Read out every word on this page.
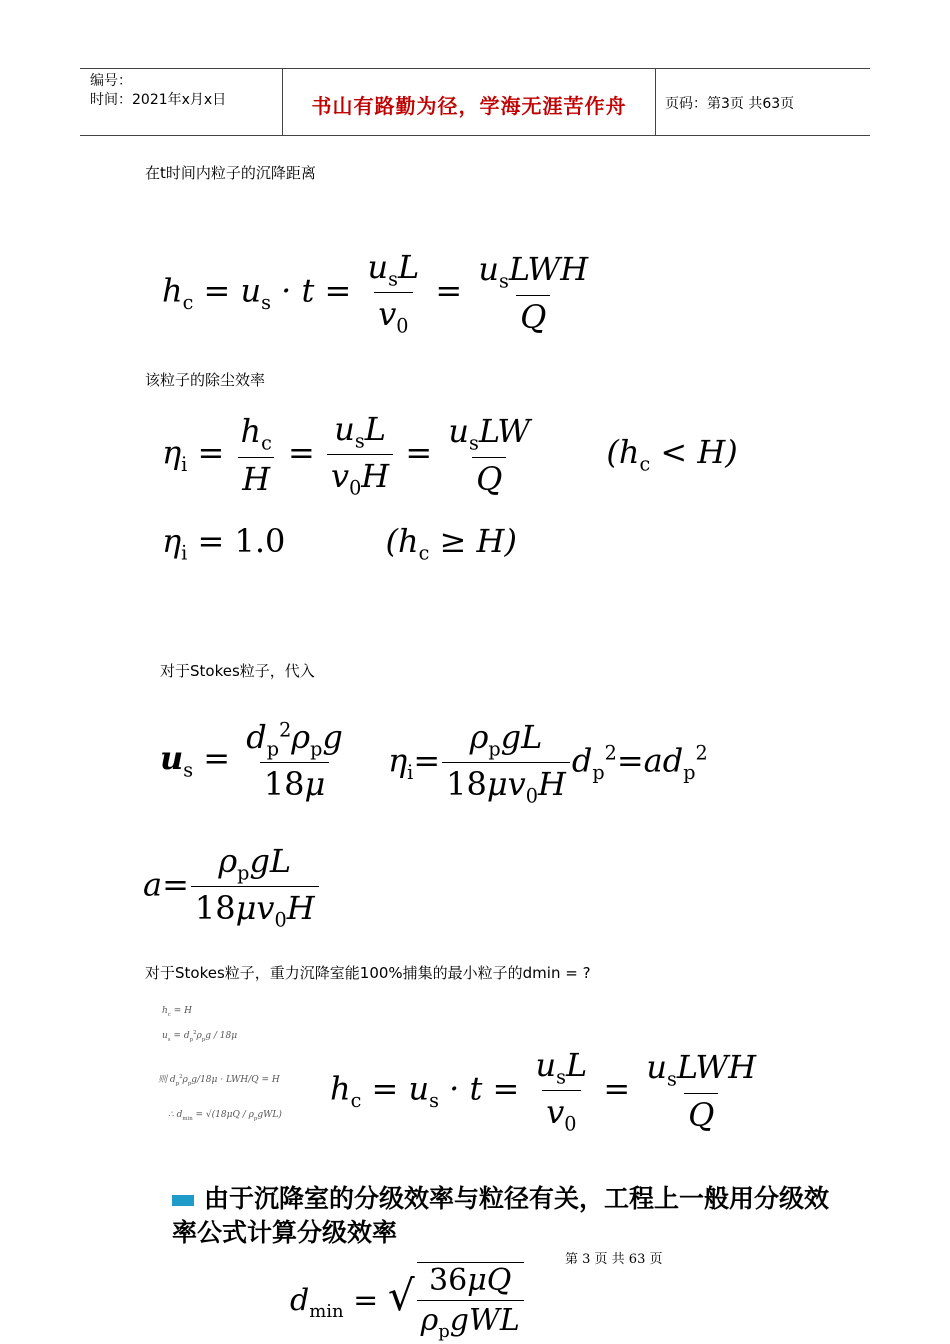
编号：
时间：2021年x月x日	书山有路勤为径，学海无涯苦作舟	页码：第3页 共63页
在t时间内粒子的沉降距离
$h_c = u_s \cdot t = \frac{u_sL}{v_0} = \frac{u_sLWH}{Q}$
该粒子的除尘效率
$\eta_i = \frac{h_c}{H} = \frac{u_sL}{v_0H} = \frac{u_sLW}{Q} (h_c < H)$
$\eta_i = 1.0$	$(h_c \ge H)$
对于Stokes粒子，代入
$u_s = \frac{d_p^2\rho_pg}{18\mu} \eta_i= \frac{\rho_pgL}{18\mu v_0H} d_p^2=ad_p^2$
$a= \frac{\rho_pgL}{18\mu v_0H}$
对于Stokes粒子，重力沉降室能100%捕集的最小粒子的dmin = ?
$h_c = H$
$u_s = d_p^2\rho_pg / 18\mu$
则 $d_p^2\rho_pg/18\mu \cdot LWH/Q = H$
∴ $d_{min} = √(18\mu Q / \rho_pgWL)$
$h_c = u_s \cdot t = \frac{u_sL}{v_0} = \frac{u_sLWH}{Q}$
由于沉降室的分级效率与粒径有关，工程上一般用分级效率公式计算分级效率
第 3 页 共 63 页
$d_{min}$ = √ $\frac{36\mu Q}{\rho_pgWL}$
